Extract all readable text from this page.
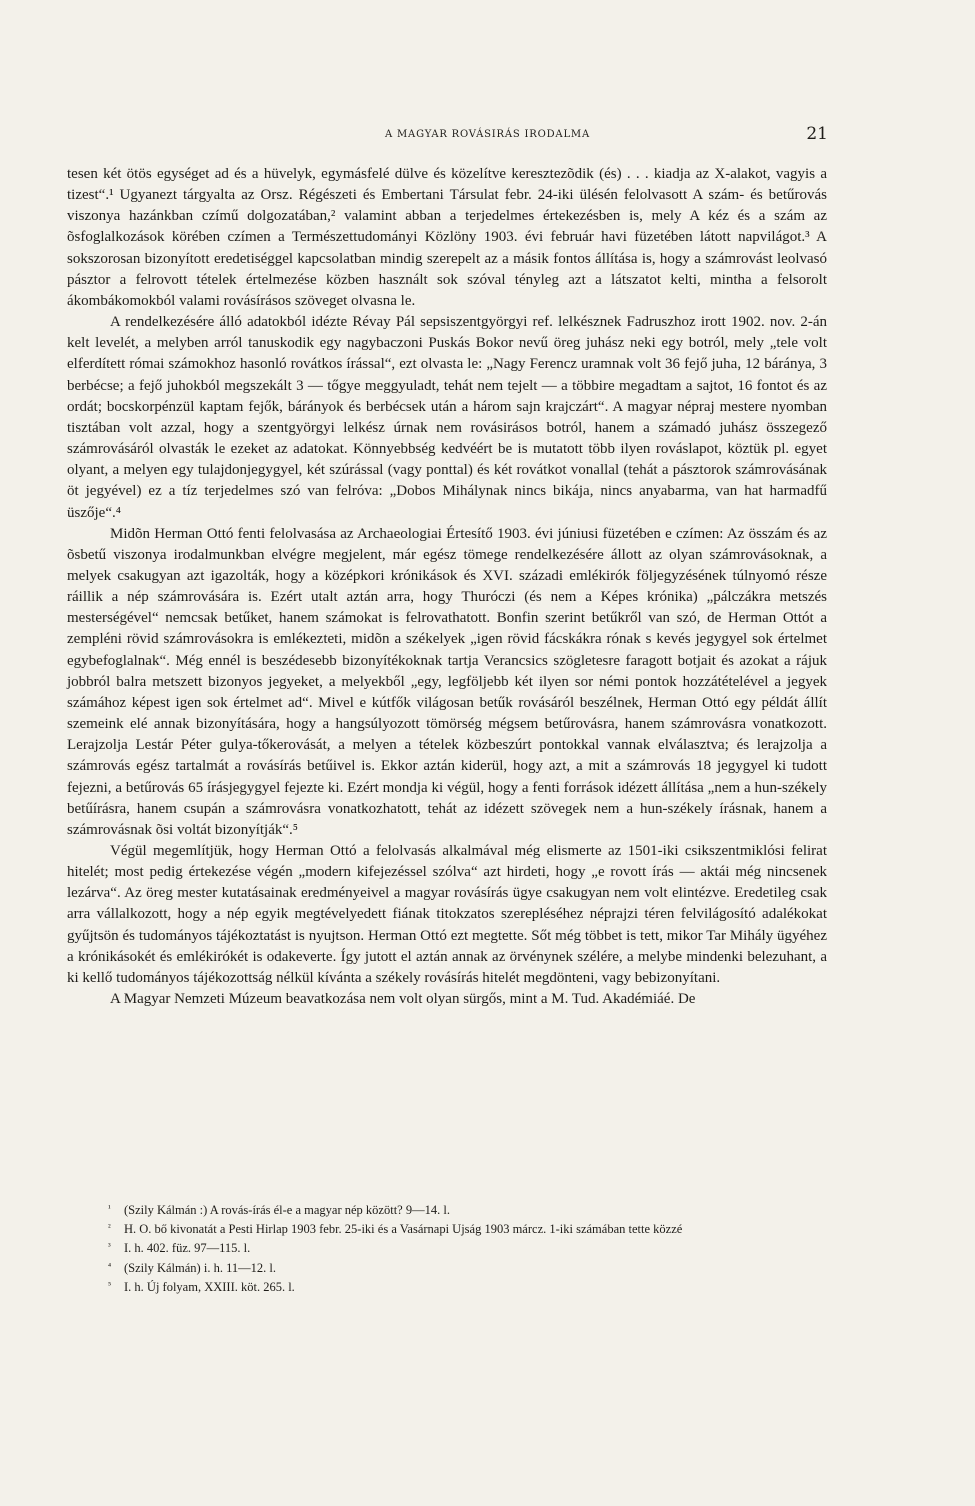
A MAGYAR ROVÁSIRÁS IRODALMA	21

tesen két ötös egységet ad és a hüvelyk, egymásfelé dülve és közelítve keresztezõdik (és) . . . kiadja az X-alakot, vagyis a tizest“.¹ Ugyanezt tárgyalta az Orsz. Régészeti és Embertani Társulat febr. 24-iki ülésén felolvasott A szám- és betűrovás viszonya hazánkban czímű dolgozatában,² valamint abban a terjedelmes értekezésben is, mely A kéz és a szám az õsfoglalkozások körében czímen a Természettudományi Közlöny 1903. évi február havi füzetében látott napvilágot.³ A sokszorosan bizonyított eredetiséggel kapcsolatban mindig szerepelt az a másik fontos állítása is, hogy a számrovást leolvasó pásztor a felrovott tételek értelmezése közben használt sok szóval tényleg azt a látszatot kelti, mintha a felsorolt ákombákomokból valami rovásírásos szöveget olvasna le.

A rendelkezésére álló adatokból idézte Révay Pál sepsiszentgyörgyi ref. lelkésznek Fadruszhoz irott 1902. nov. 2-án kelt levelét, a melyben arról tanuskodik egy nagybaczoni Puskás Bokor nevű öreg juhász neki egy botról, mely „tele volt elferdített római számokhoz hasonló rovátkos írással“, ezt olvasta le: „Nagy Ferencz uramnak volt 36 fejő juha, 12 báránya, 3 berbécse; a fejő juhokból megszekált 3 — tőgye meggyuladt, tehát nem tejelt — a többire megadtam a sajtot, 16 fontot és az ordát; bocskorpénzül kaptam fejők, bárányok és berbécsek után a három sajn krajczárt“. A magyar népraj mestere nyomban tisztában volt azzal, hogy a szentgyörgyi lelkész úrnak nem rovásirásos botról, hanem a számadó juhász összegező számrovásáról olvasták le ezeket az adatokat. Könnyebbség kedvéért be is mutatott több ilyen rováslapot, köztük pl. egyet olyant, a melyen egy tulajdonjegygyel, két szúrással (vagy ponttal) és két rovátkot vonallal (tehát a pásztorok számrovásának öt jegyével) ez a tíz terjedelmes szó van felróva: „Dobos Mihálynak nincs bikája, nincs anyabarma, van hat harmadfű üszője“.⁴

Midõn Herman Ottó fenti felolvasása az Archaeologiai Értesítő 1903. évi júniusi füzetében e czímen: Az összám és az õsbetű viszonya irodalmunkban elvégre megjelent, már egész tömege rendelkezésére állott az olyan számrovásoknak, a melyek csakugyan azt igazolták, hogy a középkori krónikások és XVI. századi emlékirók följegyzésének túlnyomó része ráillik a nép számrovására is. Ezért utalt aztán arra, hogy Thuróczi (és nem a Képes krónika) „pálczákra metszés mesterségével“ nemcsak betűket, hanem számokat is felrovathatott. Bonfin szerint betűkről van szó, de Herman Ottót a zempléni rövid számrovásokra is emlékezteti, midõn a székelyek „igen rövid fácskákra rónak s kevés jegygyel sok értelmet egybefoglalnak“. Még ennél is beszédesebb bizonyítékoknak tartja Verancsics szögletesre faragott botjait és azokat a rájuk jobbról balra metszett bizonyos jegyeket, a melyekből „egy, legföljebb két ilyen sor némi pontok hozzátételével a jegyek számához képest igen sok értelmet ad“. Mivel e kútfők világosan betűk rovásáról beszélnek, Herman Ottó egy példát állít szemeink elé annak bizonyítására, hogy a hangsúlyozott tömörség mégsem betűrovásra, hanem számrovásra vonatkozott. Lerajzolja Lestár Péter gulya-tőkerovását, a melyen a tételek közbeszúrt pontokkal vannak elválasztva; és lerajzolja a számrovás egész tartalmát a rovásírás betűivel is. Ekkor aztán kiderül, hogy azt, a mit a számrovás 18 jegygyel ki tudott fejezni, a betűrovás 65 írásjegygyel fejezte ki. Ezért mondja ki végül, hogy a fenti források idézett állítása „nem a hun-székely betűírásra, hanem csupán a számrovásra vonatkozhatott, tehát az idézett szövegek nem a hun-székely írásnak, hanem a számrovásnak õsi voltát bizonyítják“.⁵

Végül megemlítjük, hogy Herman Ottó a felolvasás alkalmával még elismerte az 1501-iki csikszentmiklósi felirat hitelét; most pedig értekezése végén „modern kifejezéssel szólva“ azt hirdeti, hogy „e rovott írás — aktái még nincsenek lezárva“. Az öreg mester kutatásainak eredményeivel a magyar rovásírás ügye csakugyan nem volt elintézve. Eredetileg csak arra vállalkozott, hogy a nép egyik megtévelyedett fiának titokzatos szerepléséhez néprajzi téren felvilágosító adalékokat gyűjtsön és tudományos tájékoztatást is nyujtson. Herman Ottó ezt megtette. Sőt még többet is tett, mikor Tar Mihály ügyéhez a krónikásokét és emlékirókét is odakeverte. Így jutott el aztán annak az örvénynek szélére, a melybe mindenki belezuhant, a ki kellő tudományos tájékozottság nélkül kívánta a székely rovásírás hitelét megdönteni, vagy bebizonyítani.

A Magyar Nemzeti Múzeum beavatkozása nem volt olyan sürgős, mint a M. Tud. Akadémiáé. De

¹ (Szily Kálmán :) A rovás-írás él-e a magyar nép között? 9—14. l.
² H. O. bő kivonatát a Pesti Hirlap 1903 febr. 25-iki és a Vasárnapi Ujság 1903 márcz. 1-iki számában tette közzé
³ I. h. 402. füz. 97—115. l.
⁴ (Szily Kálmán) i. h. 11—12. l.
⁵ I. h. Új folyam, XXIII. köt. 265. l.
